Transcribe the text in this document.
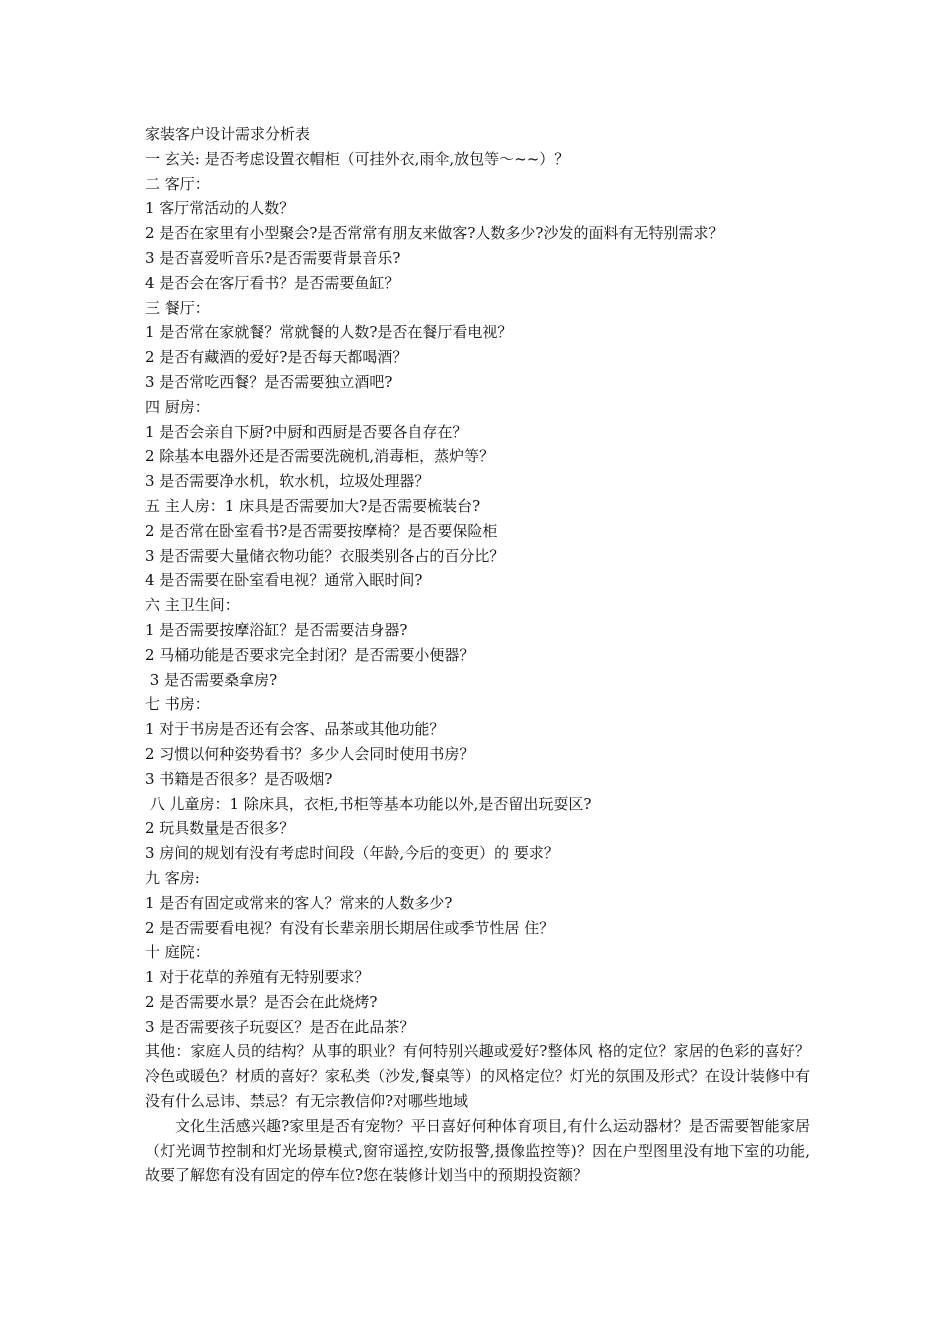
家装客户设计需求分析表
一 玄关: 是否考虑设置衣帽柜（可挂外衣,雨伞,放包等～~~）？
二 客厅：
1 客厅常活动的人数？
2 是否在家里有小型聚会?是否常常有朋友来做客?人数多少?沙发的面料有无特别需求？
3 是否喜爱听音乐?是否需要背景音乐?
4 是否会在客厅看书？是否需要鱼缸？
三 餐厅：
1 是否常在家就餐？常就餐的人数?是否在餐厅看电视？
2 是否有藏酒的爱好?是否每天都喝酒？
3 是否常吃西餐？是否需要独立酒吧?
四 厨房：
1 是否会亲自下厨?中厨和西厨是否要各自存在？
2 除基本电器外还是否需要洗碗机,消毒柜，蒸炉等？
3 是否需要净水机，软水机，垃圾处理器？
五 主人房：1 床具是否需要加大?是否需要梳装台?
2 是否常在卧室看书?是否需要按摩椅？是否要保险柜
3 是否需要大量储衣物功能？衣服类别各占的百分比？
4 是否需要在卧室看电视？通常入眠时间?
六 主卫生间：
1 是否需要按摩浴缸？是否需要洁身器?
2 马桶功能是否要求完全封闭？是否需要小便器？
3 是否需要桑拿房?
七 书房：
1 对于书房是否还有会客、品茶或其他功能？
2 习惯以何种姿势看书？多少人会同时使用书房？
3 书籍是否很多？是否吸烟?
八 儿童房：1 除床具，衣柜,书柜等基本功能以外,是否留出玩耍区?
2 玩具数量是否很多？
3 房间的规划有没有考虑时间段（年龄,今后的变更）的 要求？
九 客房:
1 是否有固定或常来的客人？常来的人数多少?
2 是否需要看电视？有没有长辈亲朋长期居住或季节性居 住？
十 庭院：
1 对于花草的养殖有无特别要求？
2 是否需要水景？是否会在此烧烤?
3 是否需要孩子玩耍区？是否在此品茶？

其他：家庭人员的结构？从事的职业？有何特别兴趣或爱好?整体风 格的定位？家居的色彩的喜好？冷色或暖色？材质的喜好？家私类（沙发,餐桌等）的风格定位？灯光的氛围及形式？在设计装修中有没有什么忌讳、禁忌？有无宗教信仰?对哪些地域

文化生活感兴趣?家里是否有宠物？平日喜好何种体育项目,有什么运动器材？是否需要智能家居（灯光调节控制和灯光场景模式,窗帘遥控,安防报警,摄像监控等)？因在户型图里没有地下室的功能,故要了解您有没有固定的停车位?您在装修计划当中的预期投资额？
